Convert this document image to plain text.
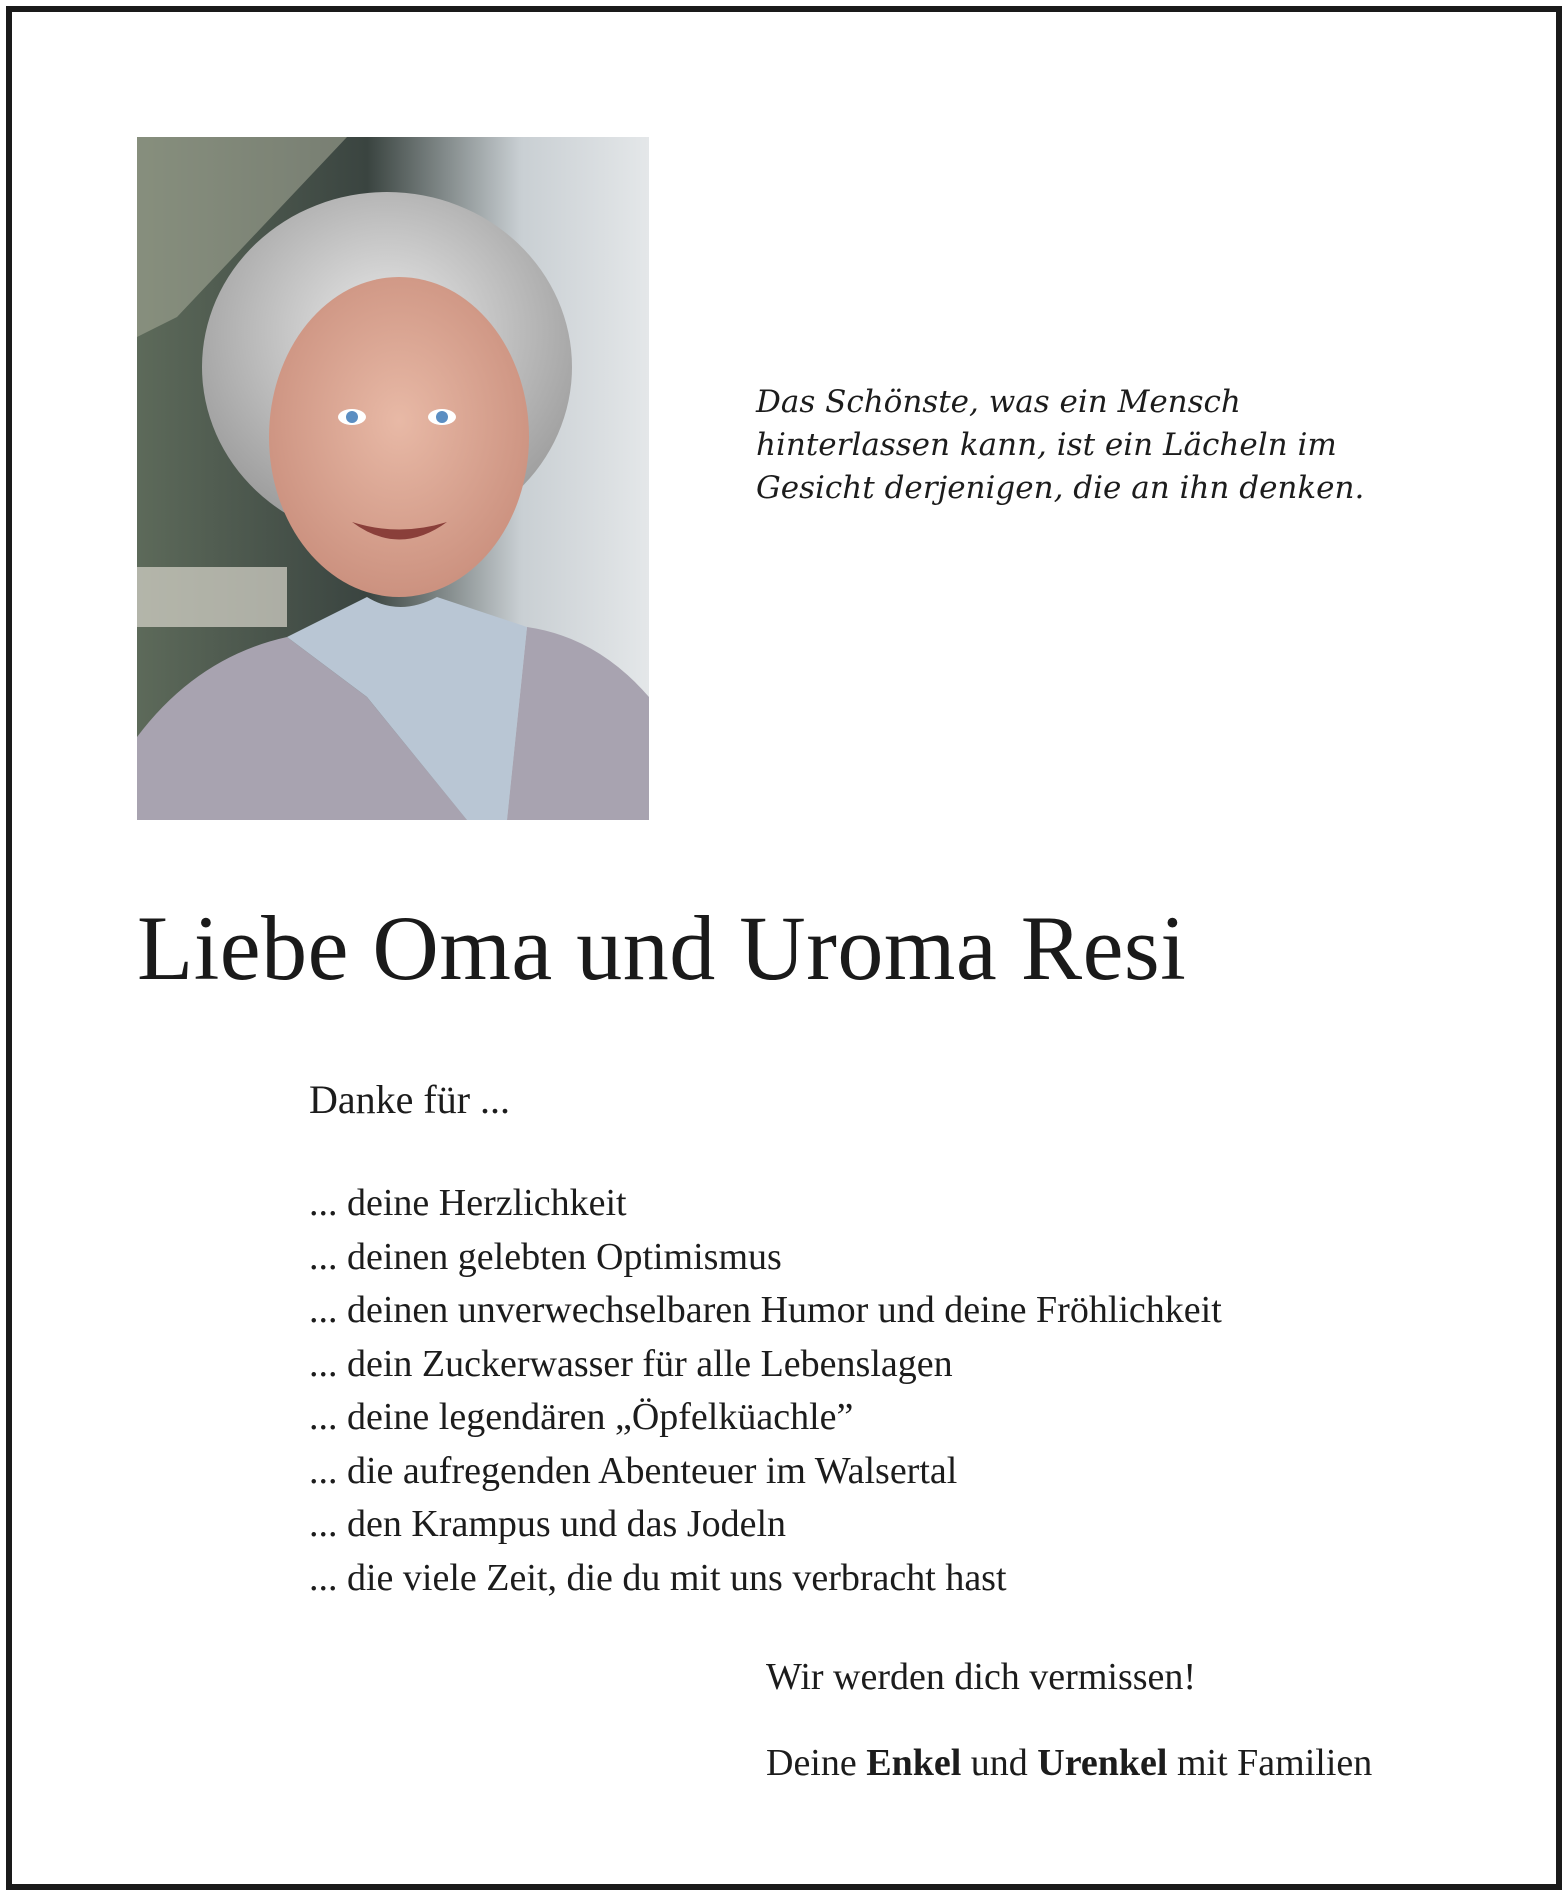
Das Schönste, was ein Mensch
hinterlassen kann, ist ein Lächeln im
Gesicht derjenigen, die an ihn denken.

Liebe Oma und Uroma Resi

Danke für ...

... deine Herzlichkeit
... deinen gelebten Optimismus
... deinen unverwechselbaren Humor und deine Fröhlichkeit
... dein Zuckerwasser für alle Lebenslagen
... deine legendären „Öpfelküachle”
... die aufregenden Abenteuer im Walsertal
... den Krampus und das Jodeln
... die viele Zeit, die du mit uns verbracht hast

Wir werden dich vermissen!

Deine Enkel und Urenkel mit Familien
